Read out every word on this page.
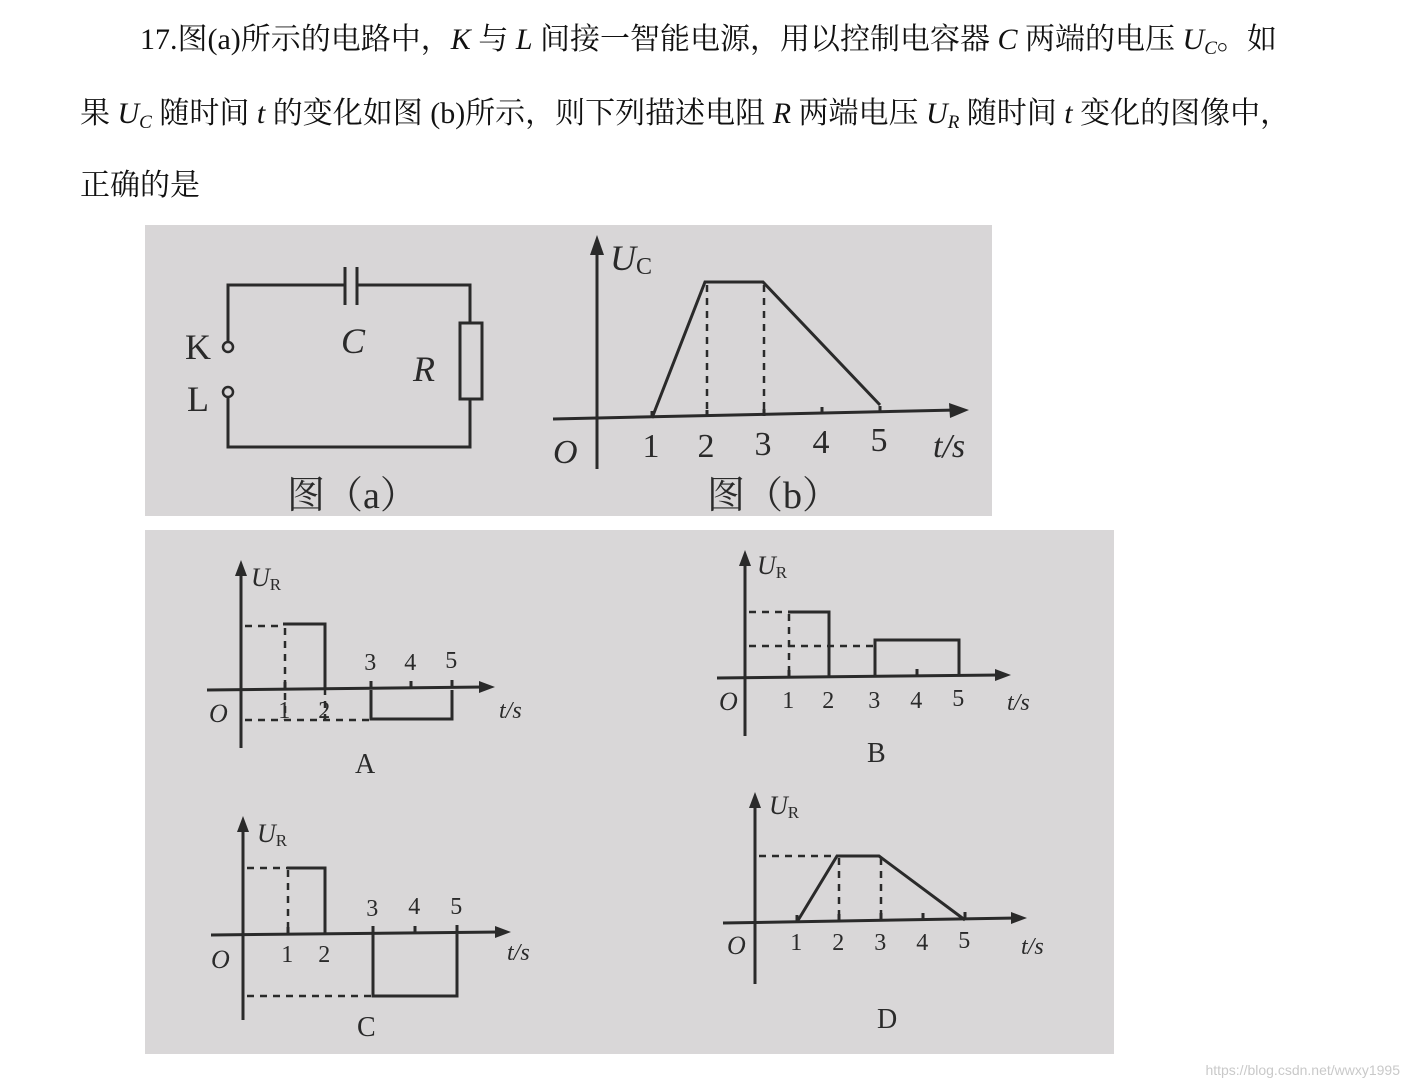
17.图(a)所示的电路中，K 与 L 间接一智能电源，用以控制电容器 C 两端的电压 $U_C$。如
果 $U_C$ 随时间 t 的变化如图 (b)所示，则下列描述电阻 R 两端电压 $U_R$ 随时间 t 变化的图像中，
正确的是
K
L
C
R
图（a）
UC
O 1 2 3 4 5 t/s
图（b）
UR
O	t/s
1 2
3 4 5
A
UR
O	t/s
1 2 3 4 5
B
UR
O	t/s
1 2
3 4 5
C
UR
O	t/s
1 2 3 4 5
D
https://blog.csdn.net/wwxy1995
